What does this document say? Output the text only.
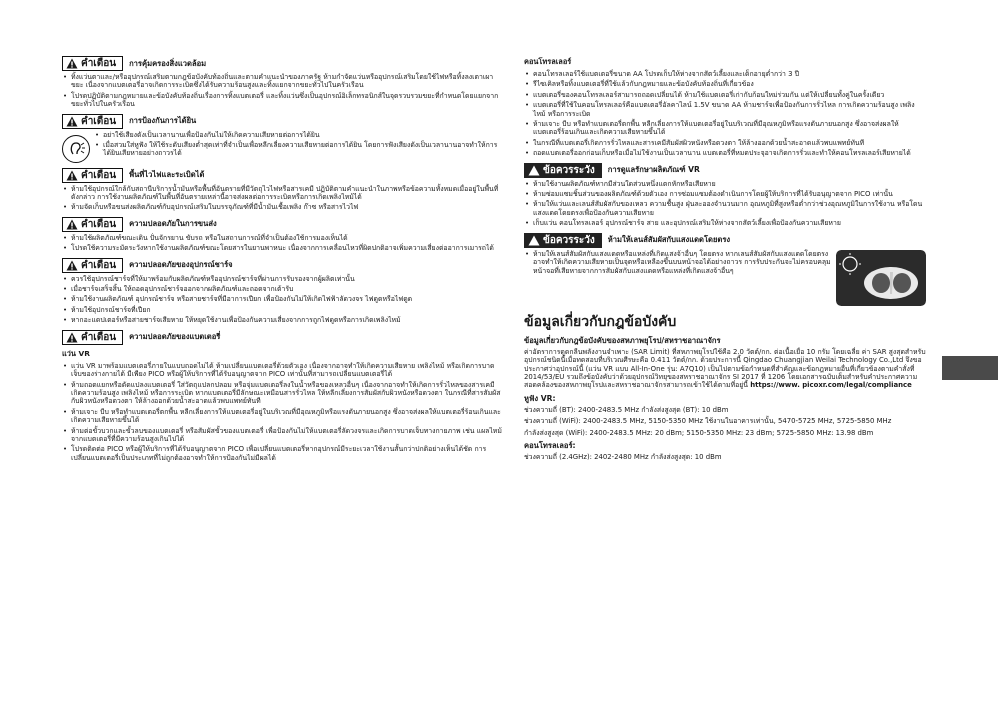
คำเตือน การคุ้มครองสิ่งแวดล้อม
• ทิ้งแว่นตาและ/หรืออุปกรณ์เสริมตามกฎข้อบังคับท้องถิ่นและตามคำแนะนำของภาครัฐ ห้ามกำจัดแว่นหรืออุปกรณ์เสริมโดยใช้ไฟหรือทิ้งลงเตาเผาขยะ เนื่องจากแบตเตอรี่อาจเกิดการระเบิดซึ่งได้รับความร้อนสูงและทิ้งแยกจากขยะทั่วไปในครัวเรือน
• โปรดปฏิบัติตามกฎหมายและข้อบังคับท้องถิ่นเรื่องการทิ้งแบตเตอรี่ และทิ้งแว่นซึ่งเป็นอุปกรณ์อิเล็กทรอนิกส์ในจุดรวบรวมขยะที่กำหนดโดยแยกจากขยะทั่วไปในครัวเรือน
คำเตือน การป้องกันการได้ยิน
• อย่าใช้เสียงดังเป็นเวลานานเพื่อป้องกันไม่ให้เกิดความเสียหายต่อการได้ยิน
• เมื่อสวมใส่หูฟัง ให้ใช้ระดับเสียงต่ำสุดเท่าที่จำเป็นเพื่อหลีกเลี่ยงความเสียหายต่อการได้ยิน โดยการฟังเสียงดังเป็นเวลานานอาจทำให้การได้ยินเสียหายอย่างถาวรได้
คำเตือน พื้นที่ไวไฟและระเบิดได้
• ห้ามใช้อุปกรณ์ใกล้กับสถานีบริการน้ำมันหรือพื้นที่อันตรายที่มีวัตถุไวไฟหรือสารเคมี ปฏิบัติตามคำแนะนำในภาพหรือข้อความทั้งหมดเมื่ออยู่ในพื้นที่ดังกล่าว การใช้งานผลิตภัณฑ์ในพื้นที่อันตรายเหล่านี้อาจส่งผลต่อการระเบิดหรือการเกิดเพลิงไหม้ได้
• ห้ามจัดเก็บหรือขนส่งผลิตภัณฑ์กับอุปกรณ์เสริมในบรรจุภัณฑ์ที่มีน้ำมันเชื้อเพลิง ก๊าซ หรือสารไวไฟ
คำเตือน ความปลอดภัยในการขนส่ง
• ห้ามใช้ผลิตภัณฑ์ขณะเดิน ปั่นจักรยาน ขับรถ หรือในสถานการณ์ที่จำเป็นต้องใช้การมองเห็นได้
• โปรดใช้ความระมัดระวังหากใช้งานผลิตภัณฑ์ขณะโดยสารในยานพาหนะ เนื่องจากการเคลื่อนไหวที่ผิดปกติอาจเพิ่มความเสี่ยงต่ออาการเมารถได้
คำเตือน ความปลอดภัยของอุปกรณ์ชาร์จ
• ควรใช้อุปกรณ์ชาร์จที่ให้มาพร้อมกับผลิตภัณฑ์หรืออุปกรณ์ชาร์จที่ผ่านการรับรองจากผู้ผลิตเท่านั้น
• เมื่อชาร์จเสร็จสิ้น ให้ถอดอุปกรณ์ชาร์จออกจากผลิตภัณฑ์และถอดจากเต้ารับ
• ห้ามใช้งานผลิตภัณฑ์ อุปกรณ์ชาร์จ หรือสายชาร์จที่มีอาการเปียก เพื่อป้องกันไม่ให้เกิดไฟฟ้าลัดวงจร ไฟดูดหรือไฟดูด
• ห้ามใช้อุปกรณ์ชาร์จที่เปียก
• หากอะแดปเตอร์หรือสายชาร์จเสียหาย ให้หยุดใช้งานเพื่อป้องกันความเสี่ยงจากการถูกไฟดูดหรือการเกิดเพลิงไหม้
คำเตือน ความปลอดภัยของแบตเตอรี่
แว่น VR
• แว่น VR มาพร้อมแบตเตอรี่ภายในแบบถอดไม่ได้ ห้ามเปลี่ยนแบตเตอรี่ด้วยตัวเอง เนื่องจากอาจทำให้เกิดความเสียหาย เพลิงไหม้ หรือเกิดการบาดเจ็บของร่างกายได้ มีเพียง PICO หรือผู้ให้บริการที่ได้รับอนุญาตจาก PICO เท่านั้นที่สามารถเปลี่ยนแบตเตอรี่ได้
• ห้ามถอดแยกหรือดัดแปลงแบตเตอรี่ ใส่วัตถุแปลกปลอม หรือจุ่มแบตเตอรี่ลงในน้ำหรือของเหลวอื่นๆ เนื่องจากอาจทำให้เกิดการรั่วไหลของสารเคมี เกิดความร้อนสูง เพลิงไหม้ หรือการระเบิด หากแบตเตอรี่มีลักษณะเหมือนสารรั่วไหล ให้หลีกเลี่ยงการสัมผัสกับผิวหนังหรือดวงตา ในกรณีที่สารสัมผัสกับผิวหนังหรือดวงตา ให้ล้างออกด้วยน้ำสะอาดแล้วพบแพทย์ทันที
• ห้ามเจาะ บีบ หรือทำแบตเตอรี่ตกพื้น หลีกเลี่ยงการให้แบตเตอรี่อยู่ในบริเวณที่มีอุณหภูมิหรือแรงดันภายนอกสูง ซึ่งอาจส่งผลให้แบตเตอรี่ร้อนเกินและเกิดความเสียหายขึ้นได้
• ห้ามต่อขั้วบวกและขั้วลบของแบตเตอรี่ หรือสัมผัสขั้วของแบตเตอรี่ เพื่อป้องกันไม่ให้แบตเตอรี่ลัดวงจรและเกิดการบาดเจ็บทางกายภาพ เช่น แผลไหม้จากแบตเตอรี่ที่มีความร้อนสูงเกินไปได้
• โปรดติดต่อ PICO หรือผู้ให้บริการที่ได้รับอนุญาตจาก PICO เพื่อเปลี่ยนแบตเตอรี่หากอุปกรณ์มีระยะเวลาใช้งานสั้นกว่าปกติอย่างเห็นได้ชัด การเปลี่ยนแบตเตอรี่เป็นประเภทที่ไม่ถูกต้องอาจทำให้การป้องกันไม่มีผลได้
คอนโทรลเลอร์
• คอนโทรลเลอร์ใช้แบตเตอรี่ขนาด AA โปรดเก็บให้ห่างจากสัตว์เลี้ยงและเด็กอายุต่ำกว่า 3 ปี
• รีไซเคิลหรือทิ้งแบตเตอรี่ที่ใช้แล้วกับกฎหมายและข้อบังคับท้องถิ่นที่เกี่ยวข้อง
• แบตเตอรี่ของคอนโทรลเลอร์สามารถถอดเปลี่ยนได้ ห้ามใช้แบตเตอรี่เก่ากับก้อนใหม่ร่วมกัน แต่ให้เปลี่ยนทั้งคู่ในครั้งเดียว
• แบตเตอรี่ที่ใช้ในคอนโทรลเลอร์คือแบตเตอรี่อัลคาไลน์ 1.5V ขนาด AA ห้ามชาร์จเพื่อป้องกันการรั่วไหล การเกิดความร้อนสูง เพลิงไหม้ หรือการระเบิด
• ห้ามเจาะ บีบ หรือทำแบตเตอรี่ตกพื้น หลีกเลี่ยงการให้แบตเตอรี่อยู่ในบริเวณที่มีอุณหภูมิหรือแรงดันภายนอกสูง ซึ่งอาจส่งผลให้แบตเตอรี่ร้อนเกินและเกิดความเสียหายขึ้นได้
• ในกรณีที่แบตเตอรี่เกิดการรั่วไหลและสารเคมีสัมผัสผิวหนังหรือดวงตา ให้ล้างออกด้วยน้ำสะอาดแล้วพบแพทย์ทันที
• ถอดแบตเตอรี่ออกก่อนเก็บหรือเมื่อไม่ใช้งานเป็นเวลานาน แบตเตอรี่ที่หมดประจุอาจเกิดการรั่วและทำให้คอนโทรลเลอร์เสียหายได้
ข้อควรระวัง การดูแลรักษาผลิตภัณฑ์ VR
• ห้ามใช้งานผลิตภัณฑ์หากมีส่วนใดส่วนหนึ่งแตกหักหรือเสียหาย
• ห้ามซ่อมแซมชิ้นส่วนของผลิตภัณฑ์ด้วยตัวเอง การซ่อมแซมต้องดำเนินการโดยผู้ให้บริการที่ได้รับอนุญาตจาก PICO เท่านั้น
• ห้ามให้แว่นและเลนส์สัมผัสกับของเหลว ความชื้นสูง ฝุ่นละอองจำนวนมาก อุณหภูมิที่สูงหรือต่ำกว่าช่วงอุณหภูมิในการใช้งาน หรือโดนแสงแดดโดยตรงเพื่อป้องกันความเสียหาย
• เก็บแว่น คอนโทรลเลอร์ อุปกรณ์ชาร์จ สาย และอุปกรณ์เสริมให้ห่างจากสัตว์เลี้ยงเพื่อป้องกันความเสียหาย
ข้อควรระวัง ห้ามให้เลนส์สัมผัสกับแสงแดดโดยตรง
• ห้ามให้เลนส์สัมผัสกับแสงแดดหรือแหล่งที่เกิดแสงจ้าอื่นๆ โดยตรง หากเลนส์สัมผัสกับแสงแดดโดยตรงอาจทำให้เกิดความเสียหายเป็นจุดหรือเหลืองขึ้นบนหน้าจอได้อย่างถาวร การรับประกันจะไม่ครอบคลุมหน้าจอที่เสียหายจากการสัมผัสกับแสงแดดหรือแหล่งที่เกิดแสงจ้าอื่นๆ
ข้อมูลเกี่ยวกับกฎข้อบังคับ
ข้อมูลเกี่ยวกับกฎข้อบังคับของสหภาพยุโรป/สหราชอาณาจักร

ค่าอัตราการดูดกลืนพลังงานจำเพาะ (SAR Limit) ที่สหภาพยุโรปใช้คือ 2.0 วัตต์/กก. ต่อเนื้อเยื่อ 10 กรัม โดยเฉลี่ย ค่า SAR สูงสุดสำหรับอุปกรณ์ชนิดนี้เมื่อทดสอบที่บริเวณศีรษะคือ 0.411 วัตต์/กก. ด้วยประการนี้ Qingdao Chuangjian Weilai Technology Co.,Ltd จึงขอประกาศว่าอุปกรณ์นี้ (แว่น VR แบบ All-In-One รุ่น: A7Q10) เป็นไปตามข้อกำหนดที่สำคัญและข้อกฎหมายอื่นที่เกี่ยวข้องตามคำสั่งที่ 2014/53/EU รวมถึงข้อบังคับว่าด้วยอุปกรณ์วิทยุของสหราชอาณาจักร SI 2017 ที่ 1206 โดยเอกสารฉบับเต็มสำหรับคำประกาศความสอดคล้องของสหภาพยุโรปและสหราชอาณาจักรสามารถเข้าใช้ได้ตามที่อยู่นี้ https://www. picoxr.com/legal/compliance

หูฟัง VR:

ช่วงความถี่ (BT): 2400-2483.5 MHz กำลังส่งสูงสุด (BT): 10 dBm

ช่วงความถี่ (WiFi): 2400-2483.5 MHz, 5150-5350 MHz ใช้งานในอาคารเท่านั้น, 5470-5725 MHz, 5725-5850 MHz

กำลังส่งสูงสุด (WiFi): 2400-2483.5 MHz: 20 dBm; 5150-5350 MHz: 23 dBm; 5725-5850 MHz: 13.98 dBm

คอนโทรลเลอร์:

ช่วงความถี่ (2.4GHz): 2402-2480 MHz กำลังส่งสูงสุด: 10 dBm
